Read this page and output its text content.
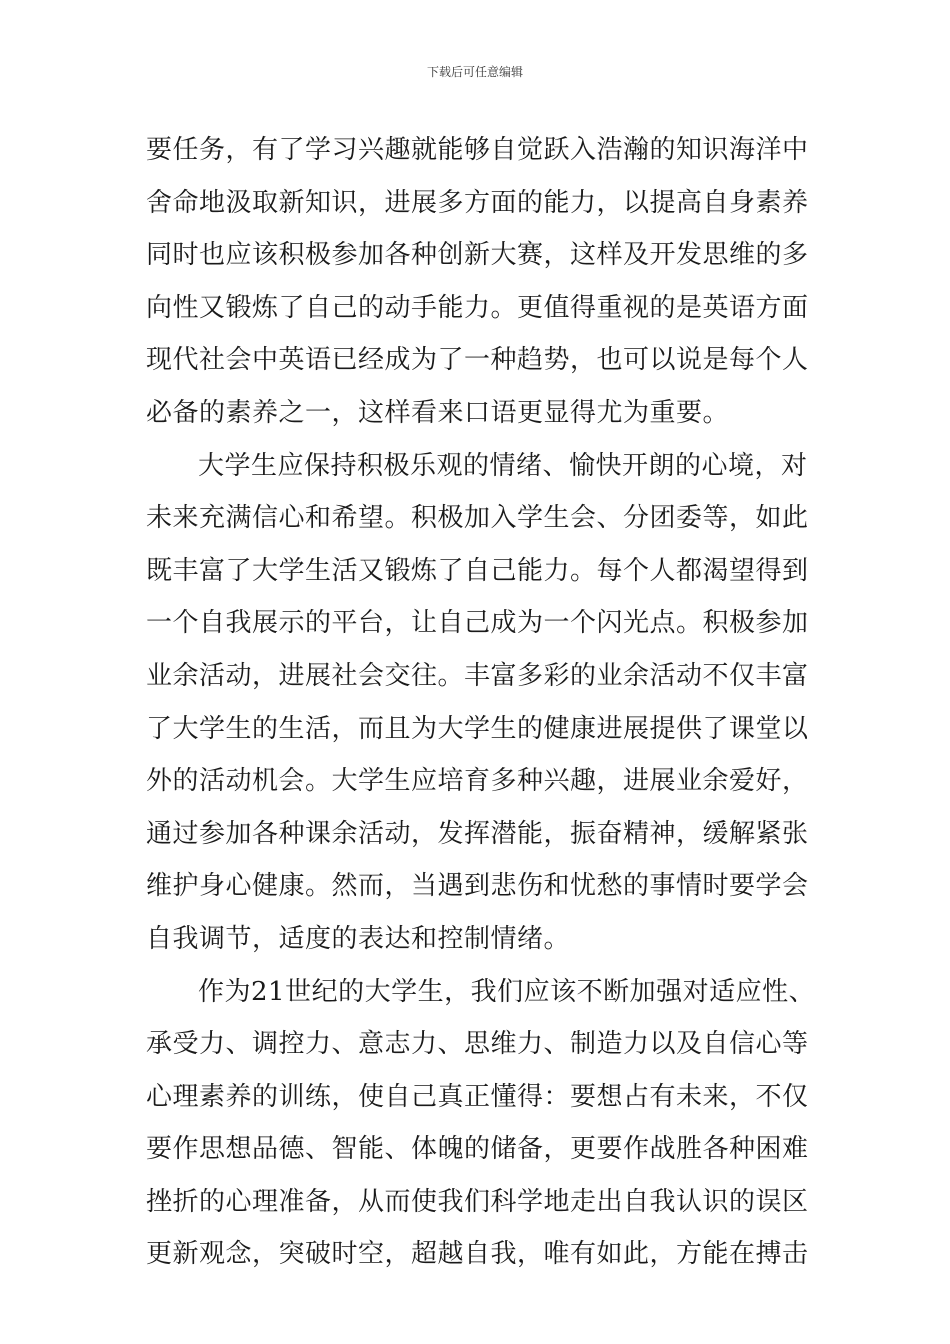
下载后可任意编辑
要任务，有了学习兴趣就能够自觉跃入浩瀚的知识海洋中
舍命地汲取新知识，进展多方面的能力，以提高自身素养
同时也应该积极参加各种创新大赛，这样及开发思维的多
向性又锻炼了自己的动手能力。更值得重视的是英语方面
现代社会中英语已经成为了一种趋势，也可以说是每个人
必备的素养之一，这样看来口语更显得尤为重要。
大学生应保持积极乐观的情绪、愉快开朗的心境，对
未来充满信心和希望。积极加入学生会、分团委等，如此
既丰富了大学生活又锻炼了自己能力。每个人都渴望得到
一个自我展示的平台，让自己成为一个闪光点。积极参加
业余活动，进展社会交往。丰富多彩的业余活动不仅丰富
了大学生的生活，而且为大学生的健康进展提供了课堂以
外的活动机会。大学生应培育多种兴趣，进展业余爱好，
通过参加各种课余活动，发挥潜能，振奋精神，缓解紧张
维护身心健康。然而，当遇到悲伤和忧愁的事情时要学会
自我调节，适度的表达和控制情绪。
作为21世纪的大学生，我们应该不断加强对适应性、
承受力、调控力、意志力、思维力、制造力以及自信心等
心理素养的训练，使自己真正懂得：要想占有未来，不仅
要作思想品德、智能、体魄的储备，更要作战胜各种困难
挫折的心理准备，从而使我们科学地走出自我认识的误区
更新观念，突破时空，超越自我，唯有如此，方能在搏击
